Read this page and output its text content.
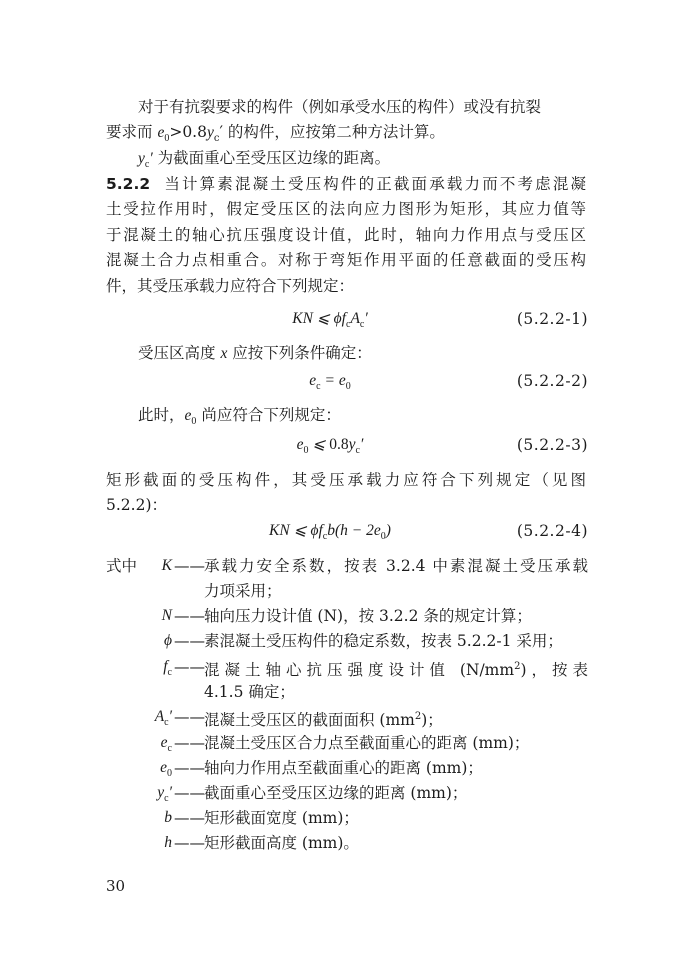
对于有抗裂要求的构件（例如承受水压的构件）或没有抗裂
要求而 $e_0>0.8y_c'$ 的构件，应按第二种方法计算。
$y_c'$ 为截面重心至受压区边缘的距离。
5.2.2 当计算素混凝土受压构件的正截面承载力而不考虑混凝
土受拉作用时，假定受压区的法向应力图形为矩形，其应力值等
于混凝土的轴心抗压强度设计值，此时，轴向力作用点与受压区
混凝土合力点相重合。对称于弯矩作用平面的任意截面的受压构
件，其受压承载力应符合下列规定：
KN ⩽ $\phi f_cA_c'$	(5.2.2-1)
受压区高度 x 应按下列条件确定：
$e_c = e_0$	(5.2.2-2)
此时，$e_0$ 尚应符合下列规定：
$e_0$ ⩽ $0.8y_c'$	(5.2.2-3)
矩形截面的受压构件，其受压承载力应符合下列规定（见图
5.2.2)：
KN ⩽ $\phi f_cb(h - 2e_0)$	(5.2.2-4)
式中	K —— 承载力安全系数，按表 3.2.4 中素混凝土受压承载
力项采用；
N —— 轴向压力设计值 (N)，按 3.2.2 条的规定计算；
ϕ —— 素混凝土受压构件的稳定系数，按表 5.2.2-1 采用；
$f_c$ —— 混凝土轴心抗压强度设计值 $(N/mm^2)$，按表
4.1.5 确定；
$A_c'$ —— 混凝土受压区的截面面积 $(mm^2)$；
$e_c$ —— 混凝土受压区合力点至截面重心的距离 (mm)；
$e_0$ —— 轴向力作用点至截面重心的距离 (mm)；
$y_c'$ —— 截面重心至受压区边缘的距离 (mm)；
b —— 矩形截面宽度 (mm)；
h —— 矩形截面高度 (mm)。
30
